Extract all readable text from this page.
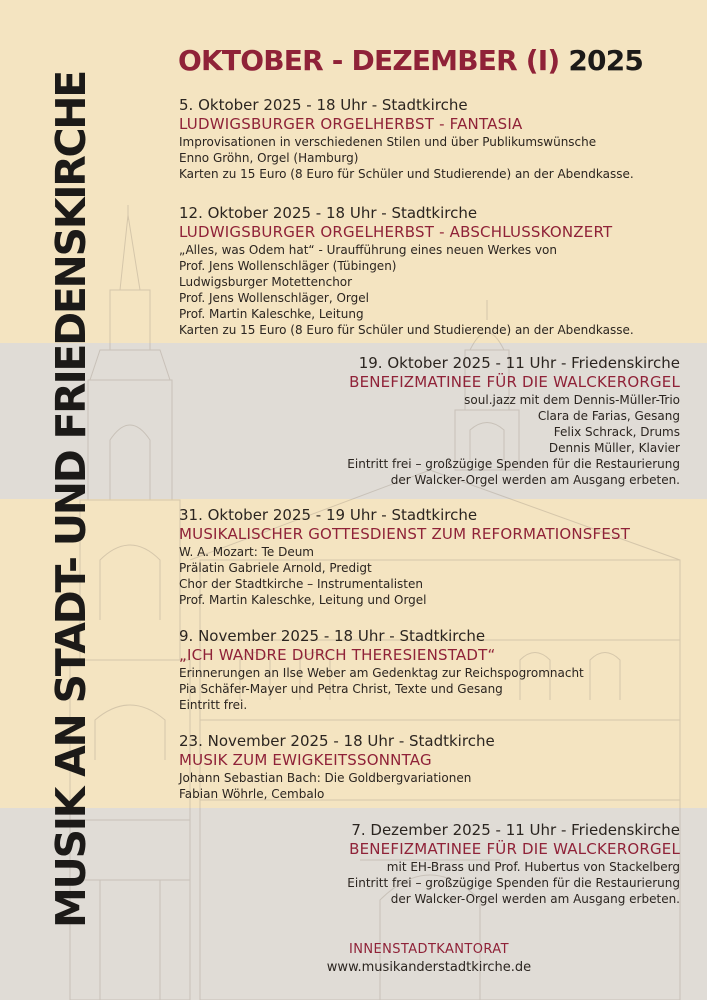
MUSIK AN STADT- UND FRIEDENSKIRCHE
OKTOBER - DEZEMBER (I) 2025
5. Oktober 2025 - 18 Uhr - Stadtkirche
LUDWIGSBURGER ORGELHERBST - FANTASIA
Improvisationen in verschiedenen Stilen und über Publikumswünsche
Enno Gröhn, Orgel (Hamburg)
Karten zu 15 Euro (8 Euro für Schüler und Studierende) an der Abendkasse.
12. Oktober 2025 - 18 Uhr - Stadtkirche
LUDWIGSBURGER ORGELHERBST - ABSCHLUSSKONZERT
„Alles, was Odem hat“ - Uraufführung eines neuen Werkes von
Prof. Jens Wollenschläger (Tübingen)
Ludwigsburger Motettenchor
Prof. Jens Wollenschläger, Orgel
Prof. Martin Kaleschke, Leitung
Karten zu 15 Euro (8 Euro für Schüler und Studierende) an der Abendkasse.
19. Oktober 2025 - 11 Uhr - Friedenskirche
BENEFIZMATINEE FÜR DIE WALCKERORGEL
soul.jazz mit dem Dennis-Müller-Trio
Clara de Farias, Gesang
Felix Schrack, Drums
Dennis Müller, Klavier
Eintritt frei – großzügige Spenden für die Restaurierung
der Walcker-Orgel werden am Ausgang erbeten.
31. Oktober 2025 - 19 Uhr - Stadtkirche
MUSIKALISCHER GOTTESDIENST ZUM REFORMATIONSFEST
W. A. Mozart: Te Deum
Prälatin Gabriele Arnold, Predigt
Chor der Stadtkirche – Instrumentalisten
Prof. Martin Kaleschke, Leitung und Orgel
9. November 2025 - 18 Uhr - Stadtkirche
„ICH WANDRE DURCH THERESIENSTADT“
Erinnerungen an Ilse Weber am Gedenktag zur Reichspogromnacht
Pia Schäfer-Mayer und Petra Christ, Texte und Gesang
Eintritt frei.
23. November 2025 - 18 Uhr - Stadtkirche
MUSIK ZUM EWIGKEITSSONNTAG
Johann Sebastian Bach: Die Goldbergvariationen
Fabian Wöhrle, Cembalo
7. Dezember 2025 - 11 Uhr - Friedenskirche
BENEFIZMATINEE FÜR DIE WALCKERORGEL
mit EH-Brass und Prof. Hubertus von Stackelberg
Eintritt frei – großzügige Spenden für die Restaurierung
der Walcker-Orgel werden am Ausgang erbeten.
INNENSTADTKANTORAT
www.musikanderstadtkirche.de
